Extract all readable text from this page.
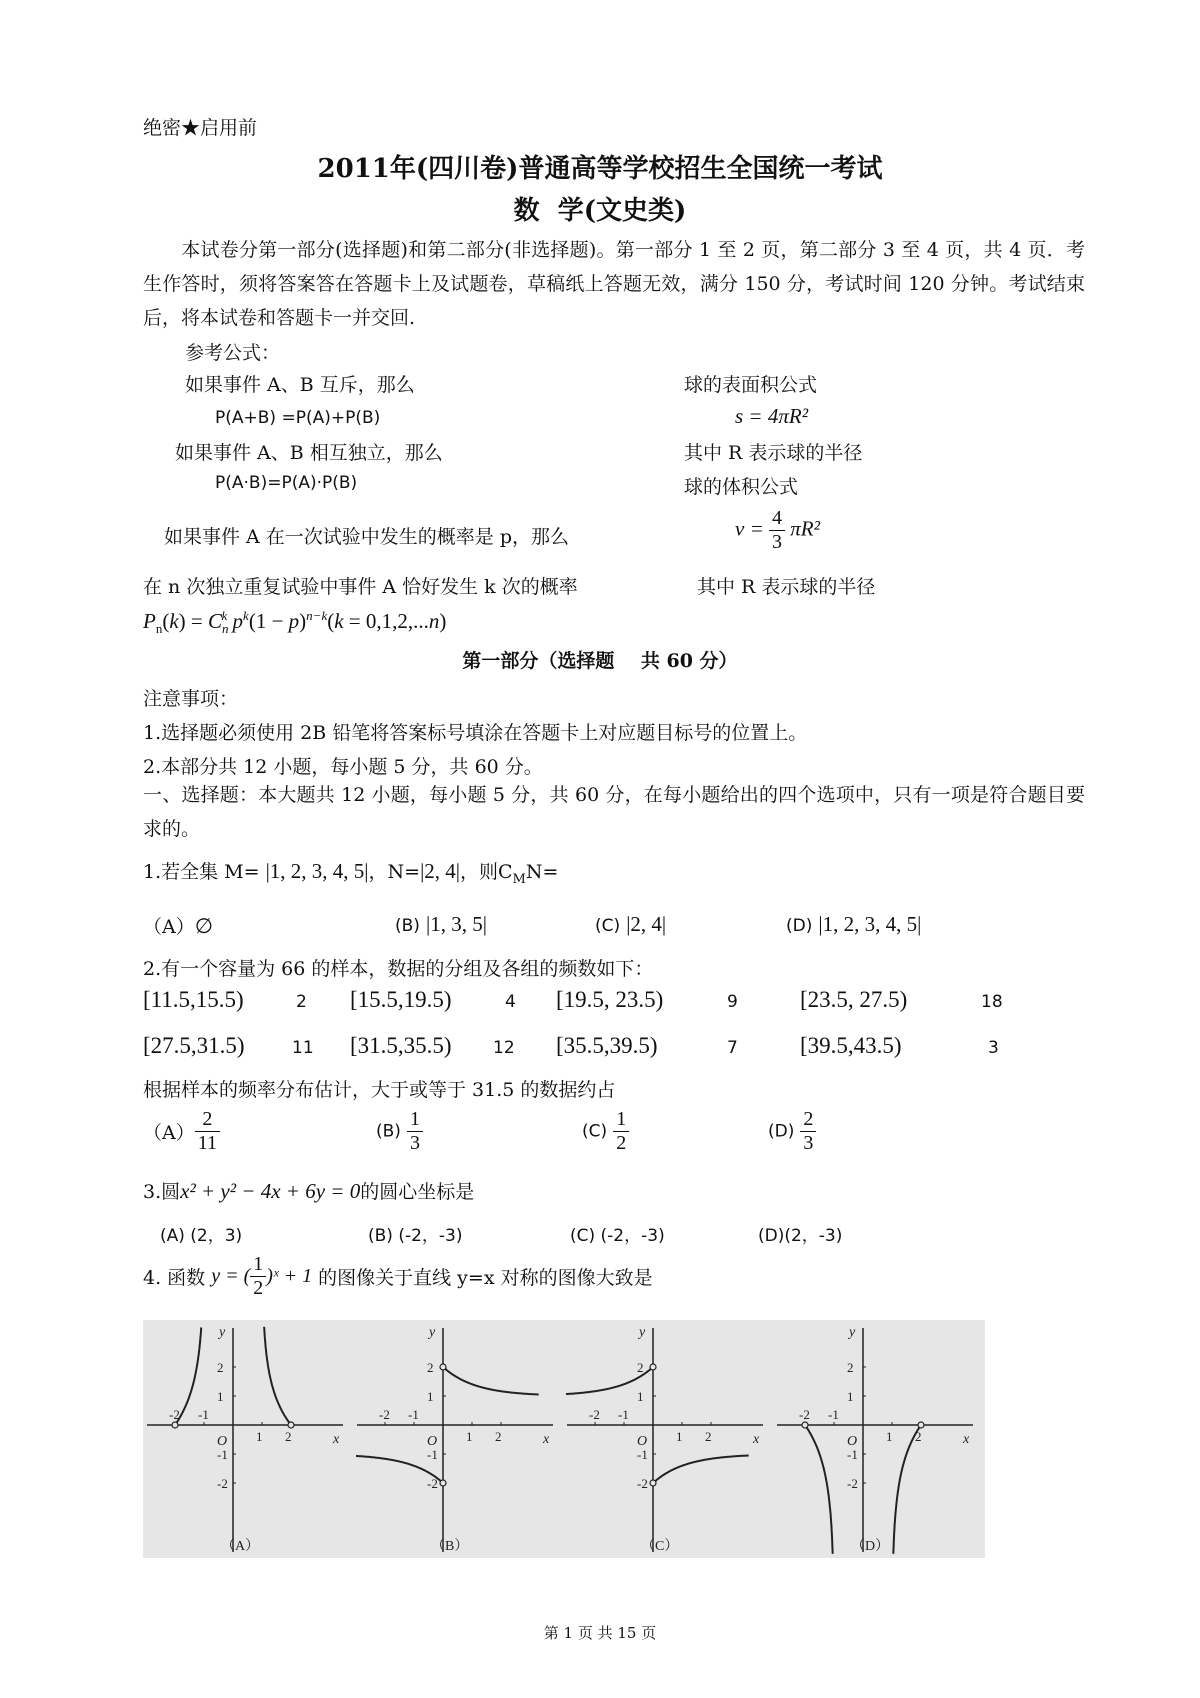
绝密★启用前
2011年(四川卷)普通高等学校招生全国统一考试
数  学(文史类)
本试卷分第一部分(选择题)和第二部分(非选择题)。第一部分 1 至 2 页，第二部分 3 至 4 页，共 4 页．考生作答时，须将答案答在答题卡上及试题卷，草稿纸上答题无效，满分 150 分，考试时间 120 分钟。考试结束后，将本试卷和答题卡一并交回.
参考公式：
如果事件 A、B 互斥，那么
P(A+B) =P(A)+P(B)
如果事件 A、B 相互独立，那么
P(A·B)=P(A)·P(B)
如果事件 A 在一次试验中发生的概率是 p，那么
在 n 次独立重复试验中事件 A 恰好发生 k 次的概率
$P_n(k) = C_n^k$ $p^k(1 - p)^{n-k}(k = 0,1,2,...n)$
球的表面积公式
s = 4πR²
其中 R 表示球的半径
球的体积公式
$v = \frac{4}{3} \pi R^2$
其中 R 表示球的半径
第一部分（选择题    共 60 分）
注意事项：
1.选择题必须使用 2B 铅笔将答案标号填涂在答题卡上对应题目标号的位置上。
2.本部分共 12 小题，每小题 5 分，共 60 分。
一、选择题：本大题共 12 小题，每小题 5 分，共 60 分，在每小题给出的四个选项中，只有一项是符合题目要求的。
1.若全集 M= |1, 2, 3, 4, 5|，N=|2, 4|，则$C_MN=$
（A）∅	(B) |1, 3, 5|	(C) |2, 4|	(D) |1, 2, 3, 4, 5|
2.有一个容量为 66 的样本，数据的分组及各组的频数如下：
[11.5,15.5)	2 [15.5,19.5)	4 [19.5, 23.5)	9	[23.5, 27.5)	18
[27.5,31.5)	11 [31.5,35.5) 12 [35.5,39.5)	7	[39.5,43.5)	3
根据样本的频率分布估计，大于或等于 31.5 的数据约占
$(A) \frac{2}{11}$	$(B) \frac{1}{3}$	$(C) \frac{1}{2}$	$(D) \frac{2}{3}$
3.圆x² + y² − 4x + 6y = 0的圆心坐标是
(A) (2，3)	(B) (-2，-3)	(C) (-2，-3)	(D)(2，-3)
4. 函数 y = ( $\frac{1}{2}$ )ˣ + 1 的图像关于直线 y=x 对称的图像大致是
x
y
O
-2 -1
1 2
2
1
-1
-2
（A）
x
y
O
-2 -1
1 2
2
1
-1
-2
（B）
x
y
O
-2 -1
1 2
2
1
-1
-2
（C）
x
y
O
-2 -1
1 2
2
1
-1
-2
（D）
第 1 页 共 15 页
